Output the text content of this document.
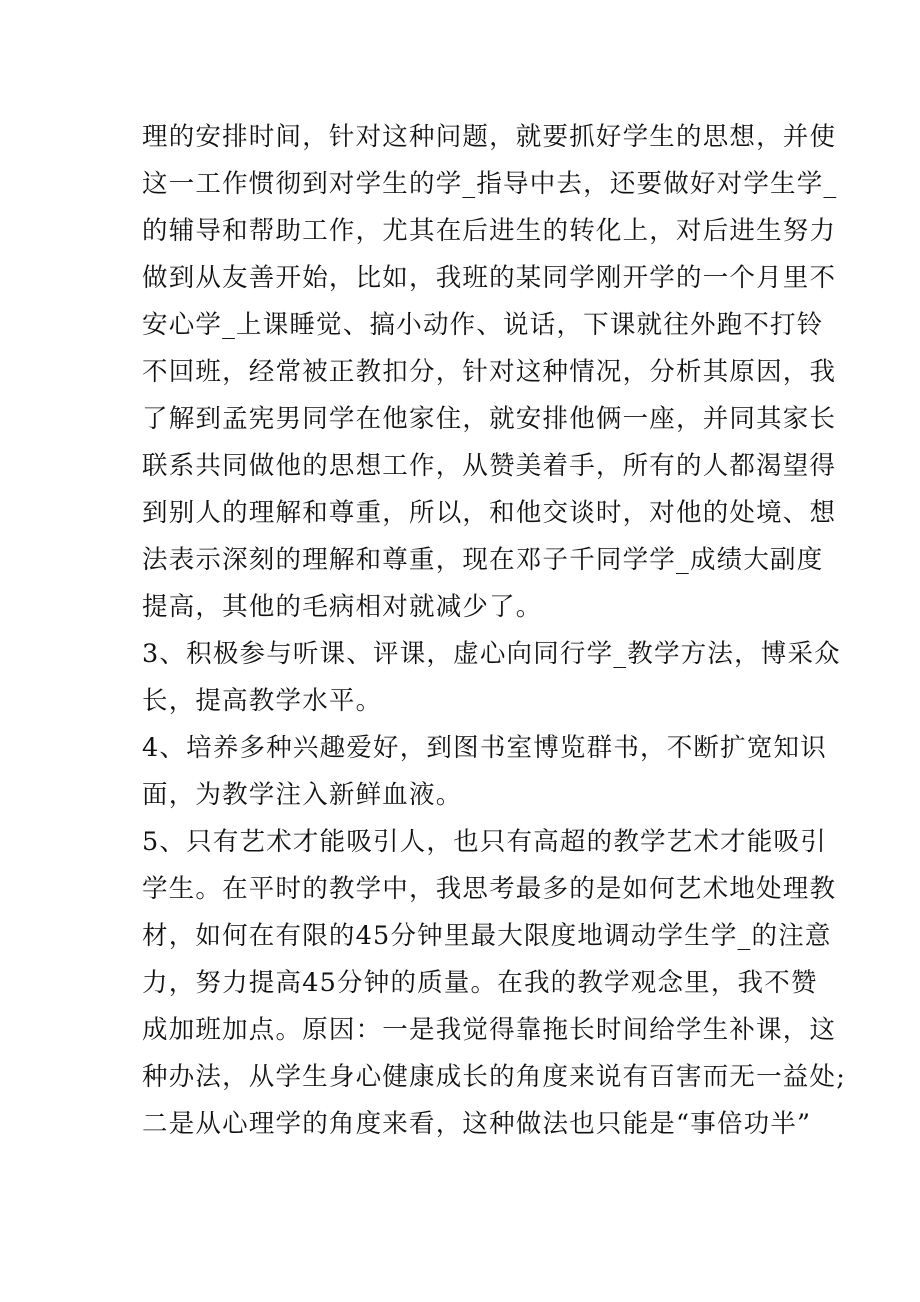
理的安排时间，针对这种问题，就要抓好学生的思想，并使
这一工作惯彻到对学生的学_指导中去，还要做好对学生学_
的辅导和帮助工作，尤其在后进生的转化上，对后进生努力
做到从友善开始，比如，我班的某同学刚开学的一个月里不
安心学_上课睡觉、搞小动作、说话，下课就往外跑不打铃
不回班，经常被正教扣分，针对这种情况，分析其原因，我
了解到孟宪男同学在他家住，就安排他俩一座，并同其家长
联系共同做他的思想工作，从赞美着手，所有的人都渴望得
到别人的理解和尊重，所以，和他交谈时，对他的处境、想
法表示深刻的理解和尊重，现在邓子千同学学_成绩大副度
提高，其他的毛病相对就减少了。
3、积极参与听课、评课，虚心向同行学_教学方法，博采众
长，提高教学水平。
4、培养多种兴趣爱好，到图书室博览群书，不断扩宽知识
面，为教学注入新鲜血液。
5、只有艺术才能吸引人，也只有高超的教学艺术才能吸引
学生。在平时的教学中，我思考最多的是如何艺术地处理教
材，如何在有限的45分钟里最大限度地调动学生学_的注意
力，努力提高45分钟的质量。在我的教学观念里，我不赞
成加班加点。原因：一是我觉得靠拖长时间给学生补课，这
种办法，从学生身心健康成长的角度来说有百害而无一益处;
二是从心理学的角度来看，这种做法也只能是“事倍功半”
